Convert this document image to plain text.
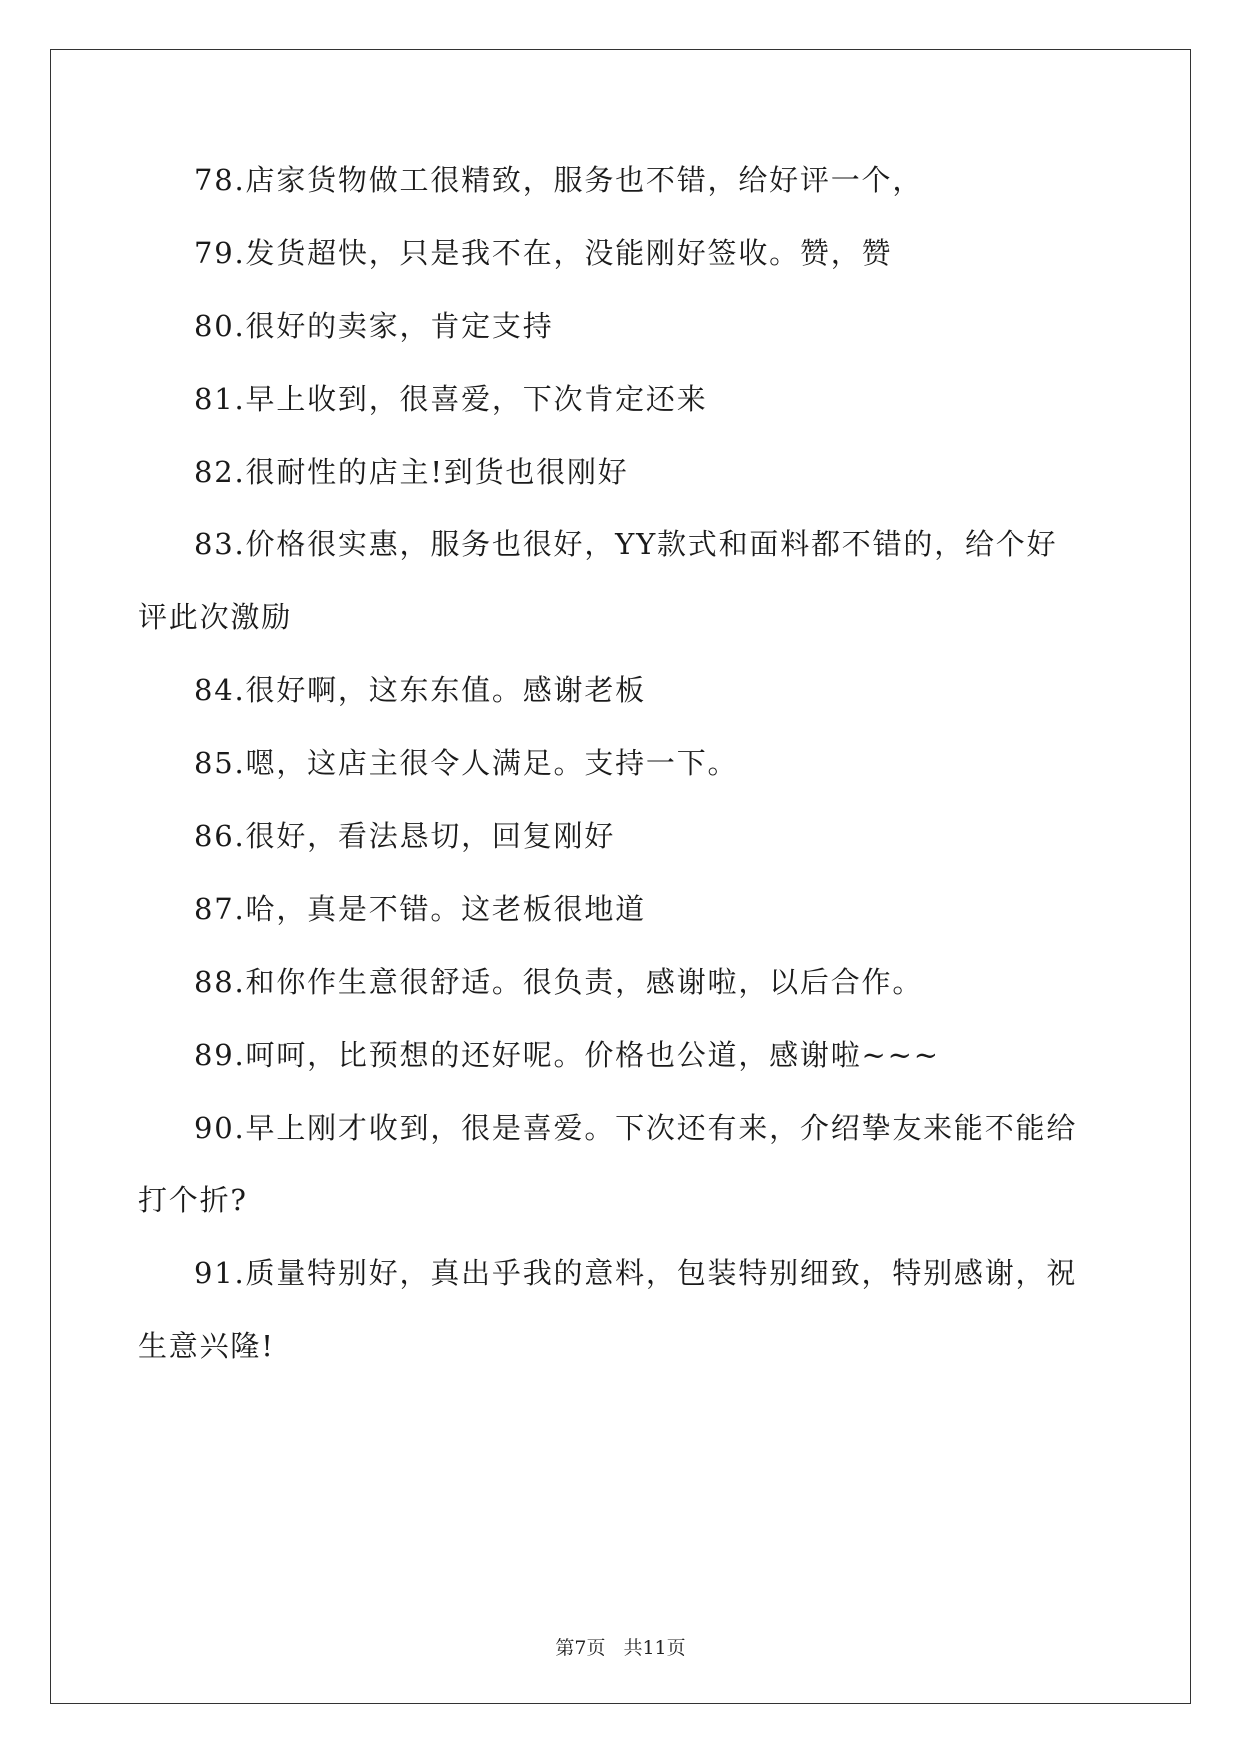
78.店家货物做工很精致，服务也不错，给好评一个，
79.发货超快，只是我不在，没能刚好签收。赞，赞
80.很好的卖家，肯定支持
81.早上收到，很喜爱，下次肯定还来
82.很耐性的店主!到货也很刚好
83.价格很实惠，服务也很好，YY款式和面料都不错的，给个好
评此次激励
84.很好啊，这东东值。感谢老板
85.嗯，这店主很令人满足。支持一下。
86.很好，看法恳切，回复刚好
87.哈，真是不错。这老板很地道
88.和你作生意很舒适。很负责，感谢啦，以后合作。
89.呵呵，比预想的还好呢。价格也公道，感谢啦~~~
90.早上刚才收到，很是喜爱。下次还有来，介绍挚友来能不能给
打个折?
91.质量特别好，真出乎我的意料，包装特别细致，特别感谢，祝
生意兴隆!
第7页 共11页
